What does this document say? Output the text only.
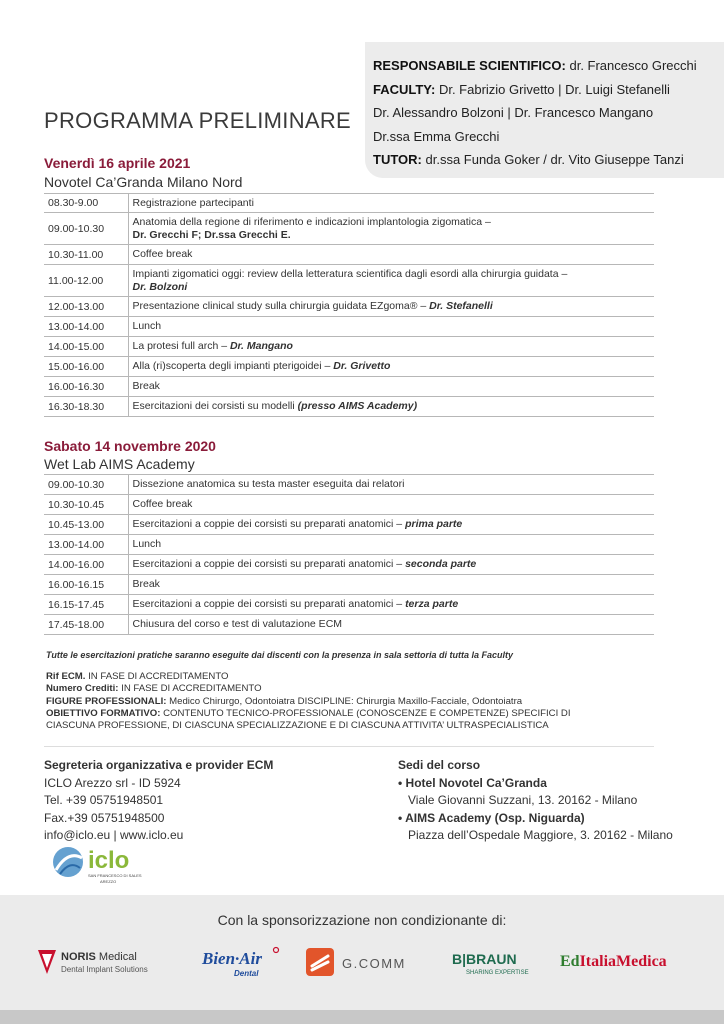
RESPONSABILE SCIENTIFICO: dr. Francesco Grecchi
FACULTY: Dr. Fabrizio Grivetto | Dr. Luigi Stefanelli
Dr. Alessandro Bolzoni | Dr. Francesco Mangano
Dr.ssa Emma Grecchi
TUTOR: dr.ssa Funda Goker / dr. Vito Giuseppe Tanzi
PROGRAMMA PRELIMINARE
Venerdì 16 aprile 2021
Novotel Ca’Granda Milano Nord
08.30-9.00	Registrazione partecipanti
09.00-10.30	Anatomia della regione di riferimento e indicazioni implantologia zigomatica –
Dr. Grecchi F; Dr.ssa Grecchi E.
10.30-11.00	Coffee break
11.00-12.00	Impianti zigomatici oggi: review della letteratura scientifica dagli esordi alla chirurgia guidata –
Dr. Bolzoni
12.00-13.00	Presentazione clinical study sulla chirurgia guidata EZgoma® – Dr. Stefanelli
13.00-14.00	Lunch
14.00-15.00	La protesi full arch – Dr. Mangano
15.00-16.00	Alla (ri)scoperta degli impianti pterigoidei – Dr. Grivetto
16.00-16.30	Break
16.30-18.30	Esercitazioni dei corsisti su modelli (presso AIMS Academy)
Sabato 14 novembre 2020
Wet Lab AIMS Academy
09.00-10.30	Dissezione anatomica su testa master eseguita dai relatori
10.30-10.45	Coffee break
10.45-13.00	Esercitazioni a coppie dei corsisti su preparati anatomici – prima parte
13.00-14.00	Lunch
14.00-16.00	Esercitazioni a coppie dei corsisti su preparati anatomici – seconda parte
16.00-16.15	Break
16.15-17.45	Esercitazioni a coppie dei corsisti su preparati anatomici – terza parte
17.45-18.00	Chiusura del corso e test di valutazione ECM
Tutte le esercitazioni pratiche saranno eseguite dai discenti con la presenza in sala settoria di tutta la Faculty
Rif ECM. IN FASE DI ACCREDITAMENTO
Numero Crediti: IN FASE DI ACCREDITAMENTO
FIGURE PROFESSIONALI: Medico Chirurgo, Odontoiatra DISCIPLINE: Chirurgia Maxillo-Facciale, Odontoiatra
OBIETTIVO FORMATIVO: CONTENUTO TECNICO-PROFESSIONALE (CONOSCENZE E COMPETENZE) SPECIFICI DI
CIASCUNA PROFESSIONE, DI CIASCUNA SPECIALIZZAZIONE E DI CIASCUNA ATTIVITA’ ULTRASPECIALISTICA
Segreteria organizzativa e provider ECM
ICLO Arezzo srl - ID 5924
Tel. +39 05751948501
Fax.+39 05751948500
info@iclo.eu | www.iclo.eu
Sedi del corso
• Hotel Novotel Ca’Granda
Viale Giovanni Suzzani, 13. 20162 - Milano
• AIMS Academy (Osp. Niguarda)
Piazza dell’Ospedale Maggiore, 3. 20162 - Milano
iclo
SAN FRANCESCO DI SALES
AREZZO
Con la sponsorizzazione non condizionante di:
NORIS Medical
Dental Implant Solutions
Bien·Air
Dental
G.COMM	B|BRAUN
SHARING EXPERTISE
EdItaliaMedica
